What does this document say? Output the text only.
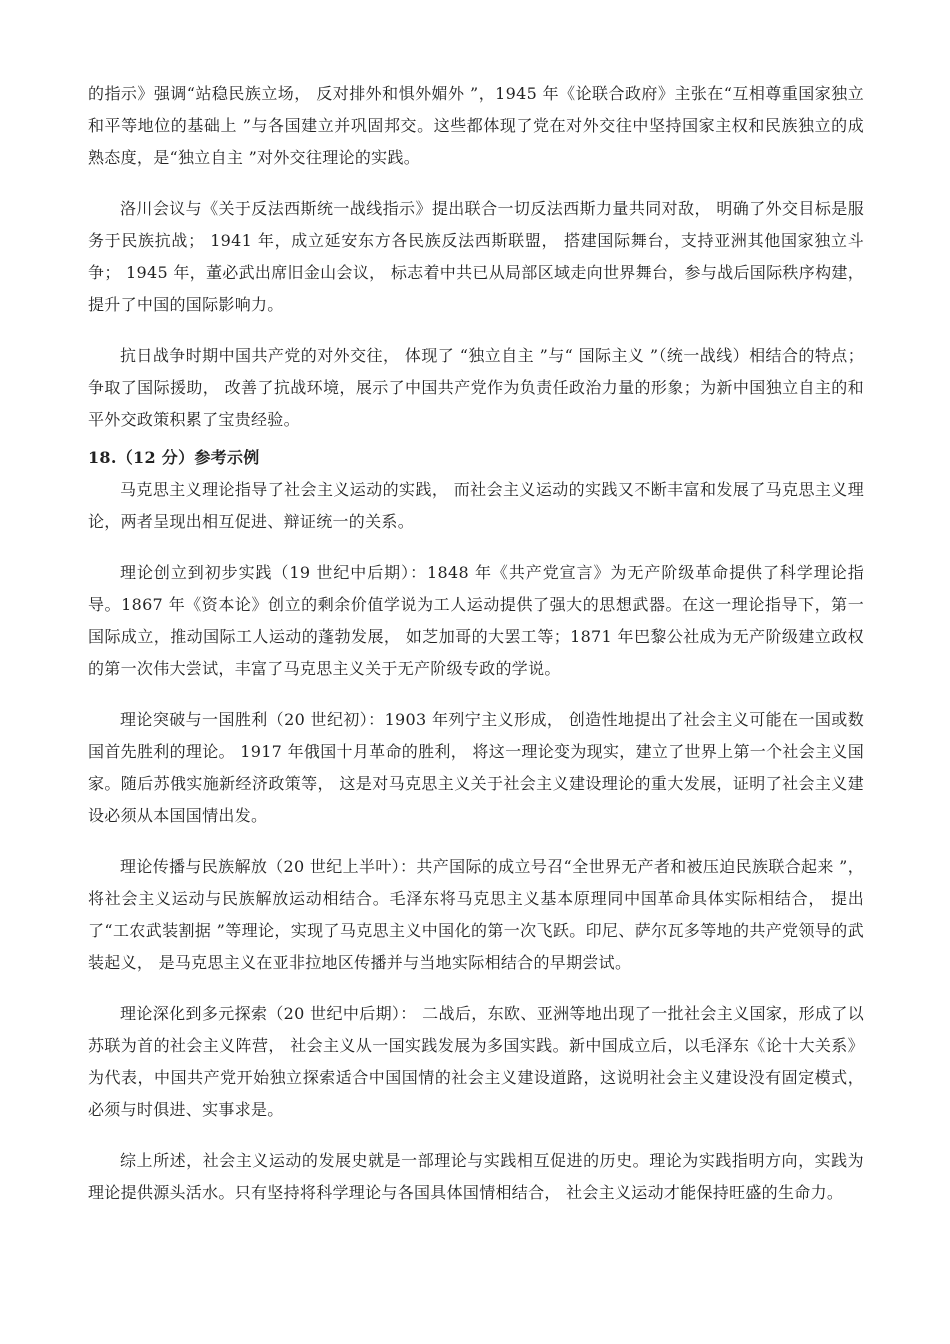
的指示》强调“站稳民族立场， 反对排外和惧外媚外 ”，1945 年《论联合政府》主张在“互相尊重国家独立和平等地位的基础上 ”与各国建立并巩固邦交。这些都体现了党在对外交往中坚持国家主权和民族独立的成熟态度，是“独立自主 ”对外交往理论的实践。

洛川会议与《关于反法西斯统一战线指示》提出联合一切反法西斯力量共同对敌， 明确了外交目标是服务于民族抗战； 1941 年，成立延安东方各民族反法西斯联盟， 搭建国际舞台，支持亚洲其他国家独立斗争； 1945 年，董必武出席旧金山会议， 标志着中共已从局部区域走向世界舞台，参与战后国际秩序构建，提升了中国的国际影响力。

抗日战争时期中国共产党的对外交往， 体现了 “独立自主 ”与“ 国际主义 ”（统一战线）相结合的特点；争取了国际援助， 改善了抗战环境，展示了中国共产党作为负责任政治力量的形象；为新中国独立自主的和平外交政策积累了宝贵经验。

18.（12 分）参考示例

马克思主义理论指导了社会主义运动的实践， 而社会主义运动的实践又不断丰富和发展了马克思主义理论，两者呈现出相互促进、辩证统一的关系。

理论创立到初步实践（19 世纪中后期）：1848 年《共产党宣言》为无产阶级革命提供了科学理论指导。1867 年《资本论》创立的剩余价值学说为工人运动提供了强大的思想武器。在这一理论指导下，第一国际成立，推动国际工人运动的蓬勃发展， 如芝加哥的大罢工等；1871 年巴黎公社成为无产阶级建立政权的第一次伟大尝试，丰富了马克思主义关于无产阶级专政的学说。

理论突破与一国胜利（20 世纪初）：1903 年列宁主义形成， 创造性地提出了社会主义可能在一国或数国首先胜利的理论。 1917 年俄国十月革命的胜利， 将这一理论变为现实，建立了世界上第一个社会主义国家。随后苏俄实施新经济政策等， 这是对马克思主义关于社会主义建设理论的重大发展，证明了社会主义建设必须从本国国情出发。

理论传播与民族解放（20 世纪上半叶）：共产国际的成立号召“全世界无产者和被压迫民族联合起来 ”，将社会主义运动与民族解放运动相结合。毛泽东将马克思主义基本原理同中国革命具体实际相结合， 提出了“工农武装割据 ”等理论，实现了马克思主义中国化的第一次飞跃。印尼、萨尔瓦多等地的共产党领导的武装起义， 是马克思主义在亚非拉地区传播并与当地实际相结合的早期尝试。

理论深化到多元探索（20 世纪中后期）： 二战后，东欧、亚洲等地出现了一批社会主义国家，形成了以苏联为首的社会主义阵营， 社会主义从一国实践发展为多国实践。新中国成立后，以毛泽东《论十大关系》为代表，中国共产党开始独立探索适合中国国情的社会主义建设道路，这说明社会主义建设没有固定模式，必须与时俱进、实事求是。

综上所述，社会主义运动的发展史就是一部理论与实践相互促进的历史。理论为实践指明方向，实践为理论提供源头活水。只有坚持将科学理论与各国具体国情相结合， 社会主义运动才能保持旺盛的生命力。
